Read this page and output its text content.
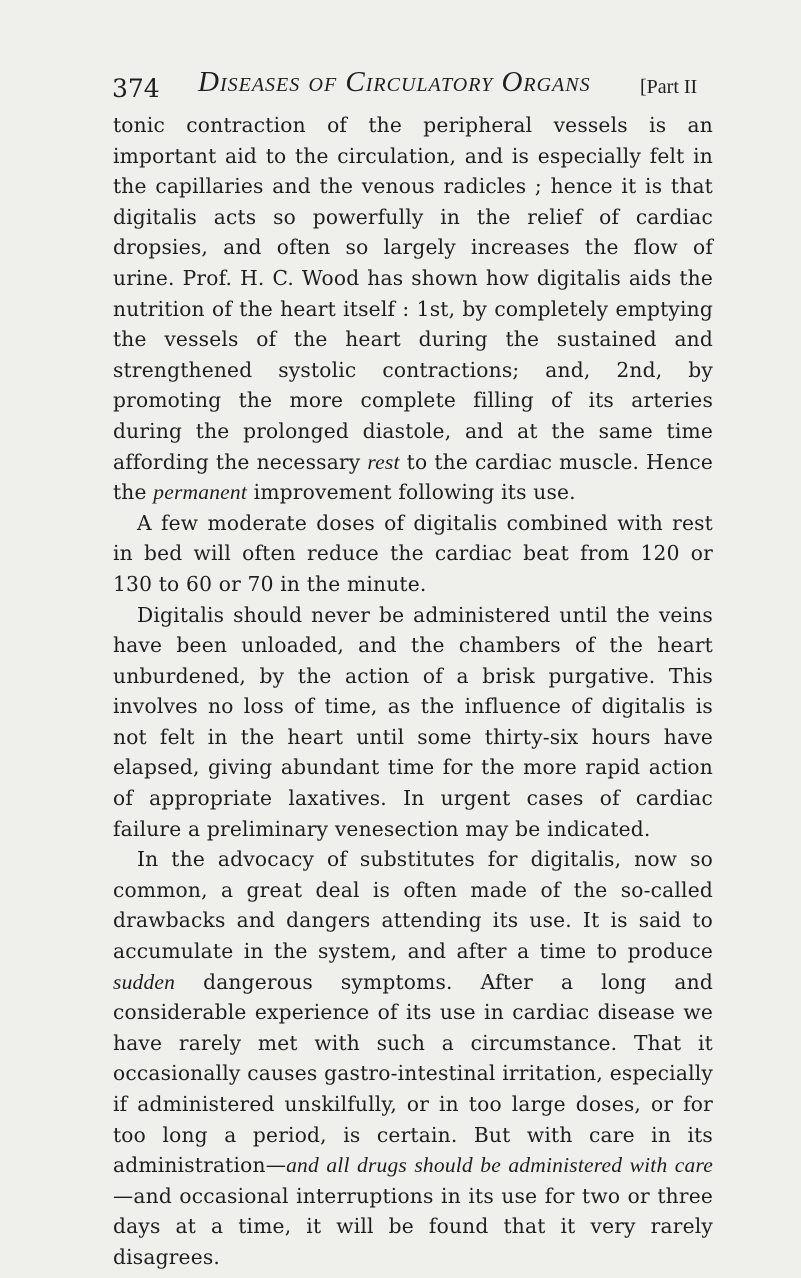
374 Diseases of Circulatory Organs [Part II

tonic contraction of the peripheral vessels is an important aid to the circulation, and is especially felt in the capillaries and the venous radicles ; hence it is that digitalis acts so powerfully in the relief of cardiac dropsies, and often so largely increases the flow of urine. Prof. H. C. Wood has shown how digitalis aids the nutrition of the heart itself : 1st, by completely emptying the vessels of the heart during the sustained and strengthened systolic contractions; and, 2nd, by promoting the more complete filling of its arteries during the prolonged diastole, and at the same time affording the necessary rest to the cardiac muscle. Hence the permanent improvement following its use.

A few moderate doses of digitalis combined with rest in bed will often reduce the cardiac beat from 120 or 130 to 60 or 70 in the minute.

Digitalis should never be administered until the veins have been unloaded, and the chambers of the heart unburdened, by the action of a brisk purgative. This involves no loss of time, as the influence of digitalis is not felt in the heart until some thirty-six hours have elapsed, giving abundant time for the more rapid action of appropriate laxatives. In urgent cases of cardiac failure a preliminary venesection may be indicated.

In the advocacy of substitutes for digitalis, now so common, a great deal is often made of the so-called drawbacks and dangers attending its use. It is said to accumulate in the system, and after a time to produce sudden dangerous symptoms. After a long and considerable experience of its use in cardiac disease we have rarely met with such a circumstance. That it occasionally causes gastro-intestinal irritation, especially if administered unskilfully, or in too large doses, or for too long a period, is certain. But with care in its administration—and all drugs should be administered with care—and occasional interruptions in its use for two or three days at a time, it will be found that it very rarely disagrees.
